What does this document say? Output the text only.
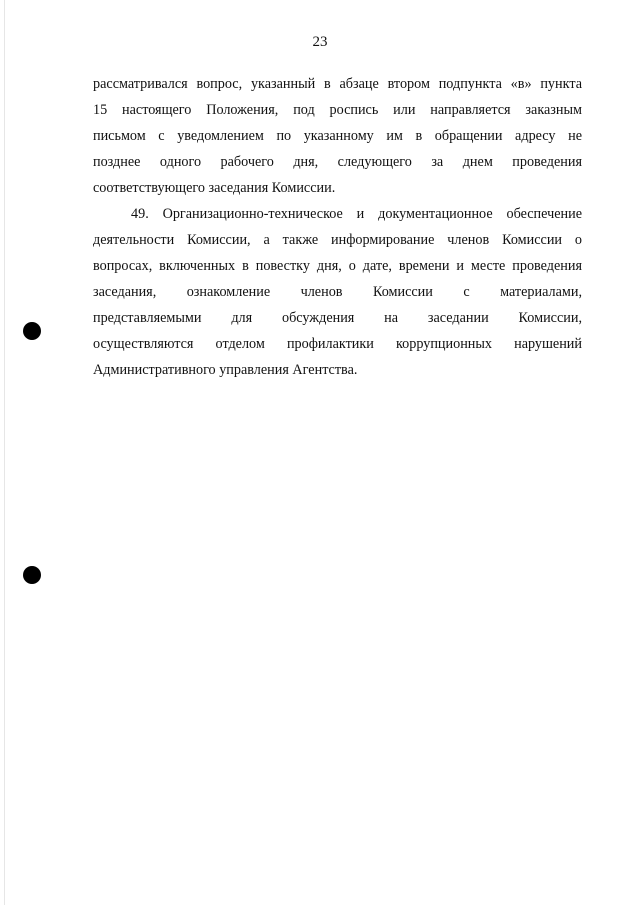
23
рассматривался вопрос, указанный в абзаце втором подпункта «в» пункта
15 настоящего Положения, под роспись или направляется заказным
письмом с уведомлением по указанному им в обращении адресу не
позднее одного рабочего дня, следующего за днем проведения
соответствующего заседания Комиссии.
49. Организационно-техническое и документационное обеспечение
деятельности Комиссии, а также информирование членов Комиссии о
вопросах, включенных в повестку дня, о дате, времени и месте проведения
заседания, ознакомление членов Комиссии с материалами,
представляемыми для обсуждения на заседании Комиссии,
осуществляются отделом профилактики коррупционных нарушений
Административного управления Агентства.
